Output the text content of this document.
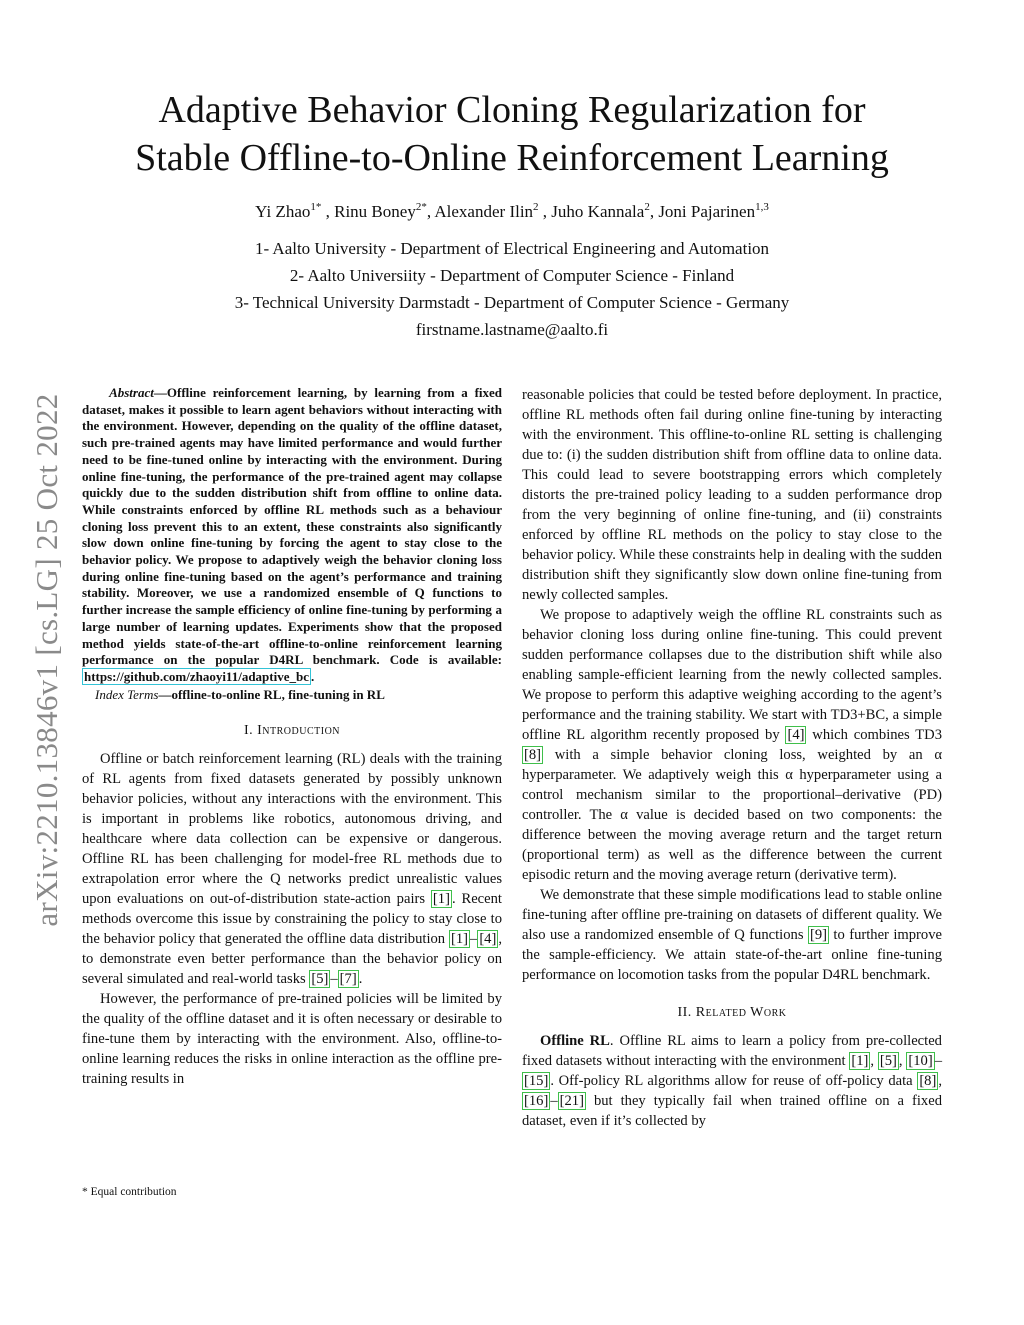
arXiv:2210.13846v1 [cs.LG] 25 Oct 2022
Adaptive Behavior Cloning Regularization for
Stable Offline-to-Online Reinforcement Learning
Yi Zhao$^{1*}$ , Rinu Boney$^{2*}$, Alexander Ilin$^2$ , Juho Kannala$^2$, Joni Pajarinen$^{1,3}$
1- Aalto University - Department of Electrical Engineering and Automation
2- Aalto Universiity - Department of Computer Science - Finland
3- Technical University Darmstadt - Department of Computer Science - Germany
firstname.lastname@aalto.fi

Abstract—Offline reinforcement learning, by learning from a fixed dataset, makes it possible to learn agent behaviors without interacting with the environment. However, depending on the quality of the offline dataset, such pre-trained agents may have limited performance and would further need to be fine-tuned online by interacting with the environment. During online fine-tuning, the performance of the pre-trained agent may collapse quickly due to the sudden distribution shift from offline to online data. While constraints enforced by offline RL methods such as a behaviour cloning loss prevent this to an extent, these constraints also significantly slow down online fine-tuning by forcing the agent to stay close to the behavior policy. We propose to adaptively weigh the behavior cloning loss during online fine-tuning based on the agent’s performance and training stability. Moreover, we use a randomized ensemble of Q functions to further increase the sample efficiency of online fine-tuning by performing a large number of learning updates. Experiments show that the proposed method yields state-of-the-art offline-to-online reinforcement learning performance on the popular D4RL benchmark. Code is available: https://github.com/zhaoyi11/adaptive_bc .

Index Terms—offline-to-online RL, fine-tuning in RL

I. Introduction

Offline or batch reinforcement learning (RL) deals with the training of RL agents from fixed datasets generated by possibly unknown behavior policies, without any interactions with the environment. This is important in problems like robotics, autonomous driving, and healthcare where data collection can be expensive or dangerous. Offline RL has been challenging for model-free RL methods due to extrapolation error where the Q networks predict unrealistic values upon evaluations on out-of-distribution state-action pairs [1] . Recent methods overcome this issue by constraining the policy to stay close to the behavior policy that generated the offline data distribution [1] – [4] , to demonstrate even better performance than the behavior policy on several simulated and real-world tasks [5] – [7] .

However, the performance of pre-trained policies will be limited by the quality of the offline dataset and it is often necessary or desirable to fine-tune them by interacting with the environment. Also, offline-to-online learning reduces the risks in online interaction as the offline pre-training results in

reasonable policies that could be tested before deployment. In practice, offline RL methods often fail during online fine-tuning by interacting with the environment. This offline-to-online RL setting is challenging due to: (i) the sudden distribution shift from offline data to online data. This could lead to severe bootstrapping errors which completely distorts the pre-trained policy leading to a sudden performance drop from the very beginning of online fine-tuning, and (ii) constraints enforced by offline RL methods on the policy to stay close to the behavior policy. While these constraints help in dealing with the sudden distribution shift they significantly slow down online fine-tuning from newly collected samples.

We propose to adaptively weigh the offline RL constraints such as behavior cloning loss during online fine-tuning. This could prevent sudden performance collapses due to the distribution shift while also enabling sample-efficient learning from the newly collected samples. We propose to perform this adaptive weighing according to the agent’s performance and the training stability. We start with TD3+BC, a simple offline RL algorithm recently proposed by [4] which combines TD3 [8] with a simple behavior cloning loss, weighted by an α hyperparameter. We adaptively weigh this α hyperparameter using a control mechanism similar to the proportional–derivative (PD) controller. The α value is decided based on two components: the difference between the moving average return and the target return (proportional term) as well as the difference between the current episodic return and the moving average return (derivative term).

We demonstrate that these simple modifications lead to stable online fine-tuning after offline pre-training on datasets of different quality. We also use a randomized ensemble of Q functions [9] to further improve the sample-efficiency. We attain state-of-the-art online fine-tuning performance on locomotion tasks from the popular D4RL benchmark.

II. Related Work

Offline RL. Offline RL aims to learn a policy from pre-collected fixed datasets without interacting with the environment [1] , [5] , [10] –[15] . Off-policy RL algorithms allow for reuse of off-policy data [8] , [16] – [21] but they typically fail when trained offline on a fixed dataset, even if it’s collected by

* Equal contribution
